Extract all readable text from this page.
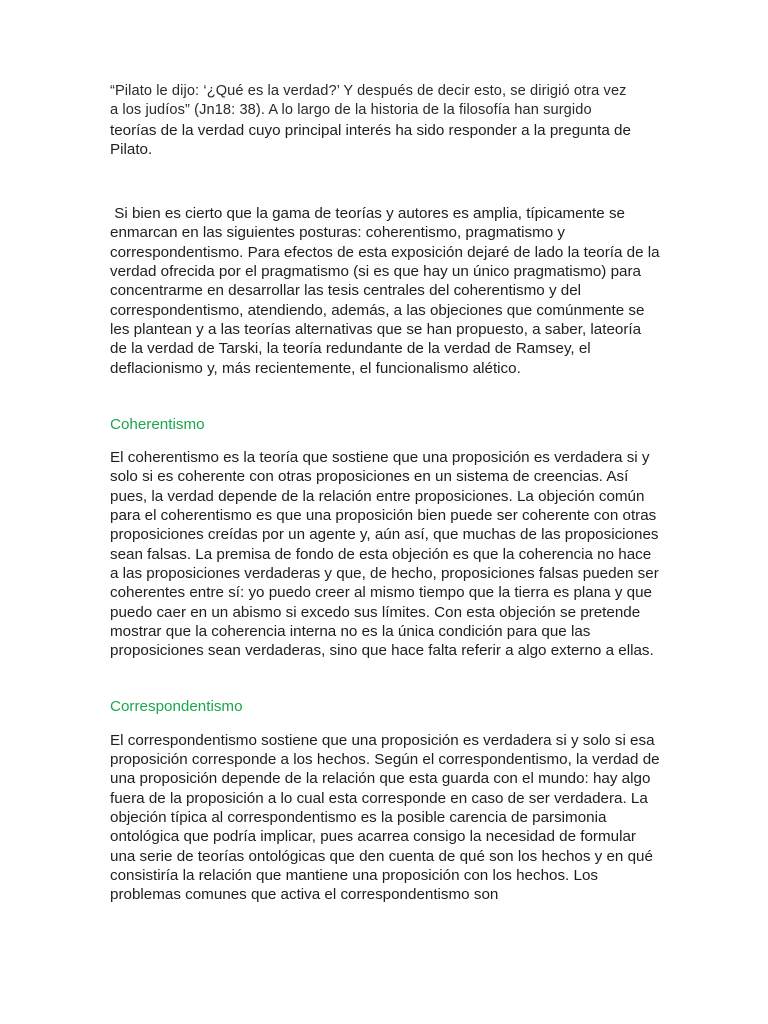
“Pilato le dijo: ‘¿Qué es la verdad?’ Y después de decir esto, se dirigió otra vez
a los judíos” (Jn18: 38). A lo largo de la historia de la filosofía han surgido
teorías de la verdad cuyo principal interés ha sido responder a la pregunta de Pilato.

Si bien es cierto que la gama de teorías y autores es amplia, típicamente se enmarcan en las siguientes posturas: coherentismo, pragmatismo y correspondentismo. Para efectos de esta exposición dejaré de lado la teoría de la verdad ofrecida por el pragmatismo (si es que hay un único pragmatismo) para concentrarme en desarrollar las tesis centrales del coherentismo y del correspondentismo, atendiendo, además, a las objeciones que comúnmente se les plantean y a las teorías alternativas que se han propuesto, a saber, lateoría de la verdad de Tarski, la teoría redundante de la verdad de Ramsey, el deflacionismo y, más recientemente, el funcionalismo alético.

Coherentismo

El coherentismo es la teoría que sostiene que una proposición es verdadera si y solo si es coherente con otras proposiciones en un sistema de creencias. Así pues, la verdad depende de la relación entre proposiciones. La objeción común para el coherentismo es que una proposición bien puede ser coherente con otras proposiciones creídas por un agente y, aún así, que muchas de las proposiciones sean falsas. La premisa de fondo de esta objeción es que la coherencia no hace a las proposiciones verdaderas y que, de hecho, proposiciones falsas pueden ser coherentes entre sí: yo puedo creer al mismo tiempo que la tierra es plana y que puedo caer en un abismo si excedo sus límites. Con esta objeción se pretende mostrar que la coherencia interna no es la única condición para que las proposiciones sean verdaderas, sino que hace falta referir a algo externo a ellas.

Correspondentismo

El correspondentismo sostiene que una proposición es verdadera si y solo si esa proposición corresponde a los hechos. Según el correspondentismo, la verdad de una proposición depende de la relación que esta guarda con el mundo: hay algo fuera de la proposición a lo cual esta corresponde en caso de ser verdadera. La objeción típica al correspondentismo es la posible carencia de parsimonia ontológica que podría implicar, pues acarrea consigo la necesidad de formular una serie de teorías ontológicas que den cuenta de qué son los hechos y en qué consistiría la relación que mantiene una proposición con los hechos. Los problemas comunes que activa el correspondentismo son
